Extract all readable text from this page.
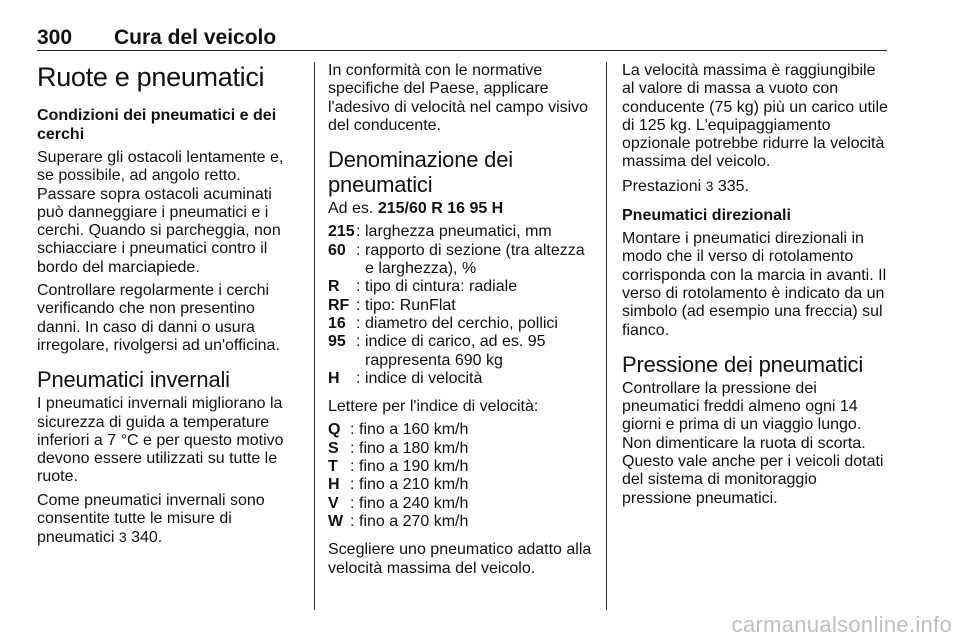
300 Cura del veicolo
Ruote e pneumatici
Condizioni dei pneumatici e dei cerchi

Superare gli ostacoli lentamente e, se possibile, ad angolo retto. Passare sopra ostacoli acuminati può danneggiare i pneumatici e i cerchi. Quando si parcheggia, non schiacciare i pneumatici contro il bordo del marciapiede.

Controllare regolarmente i cerchi verificando che non presentino danni. In caso di danni o usura irregolare, rivolgersi ad un'officina.

Pneumatici invernali

I pneumatici invernali migliorano la sicurezza di guida a temperature inferiori a 7 °C e per questo motivo devono essere utilizzati su tutte le ruote.

Come pneumatici invernali sono consentite tutte le misure di pneumatici 3 340.

In conformità con le normative specifiche del Paese, applicare l'adesivo di velocità nel campo visivo del conducente.

Denominazione dei pneumatici

Ad es. 215/60 R 16 95 H

215 : larghezza pneumatici, mm
60 : rapporto di sezione (tra altezza e larghezza), %
R	: tipo di cintura: radiale
RF : tipo: RunFlat
16 : diametro del cerchio, pollici
95 : indice di carico, ad es. 95 rappresenta 690 kg
H	: indice di velocità

Lettere per l'indice di velocità:

Q : fino a 160 km/h
S : fino a 180 km/h
T : fino a 190 km/h
H : fino a 210 km/h
V : fino a 240 km/h
W : fino a 270 km/h

Scegliere uno pneumatico adatto alla velocità massima del veicolo.

La velocità massima è raggiungibile al valore di massa a vuoto con conducente (75 kg) più un carico utile di 125 kg. L'equipaggiamento opzionale potrebbe ridurre la velocità massima del veicolo.

Prestazioni 3 335.

Pneumatici direzionali

Montare i pneumatici direzionali in modo che il verso di rotolamento corrisponda con la marcia in avanti. Il verso di rotolamento è indicato da un simbolo (ad esempio una freccia) sul fianco.

Pressione dei pneumatici

Controllare la pressione dei pneumatici freddi almeno ogni 14 giorni e prima di un viaggio lungo. Non dimenticare la ruota di scorta. Questo vale anche per i veicoli dotati del sistema di monitoraggio pressione pneumatici.

carmanualsonline.info
